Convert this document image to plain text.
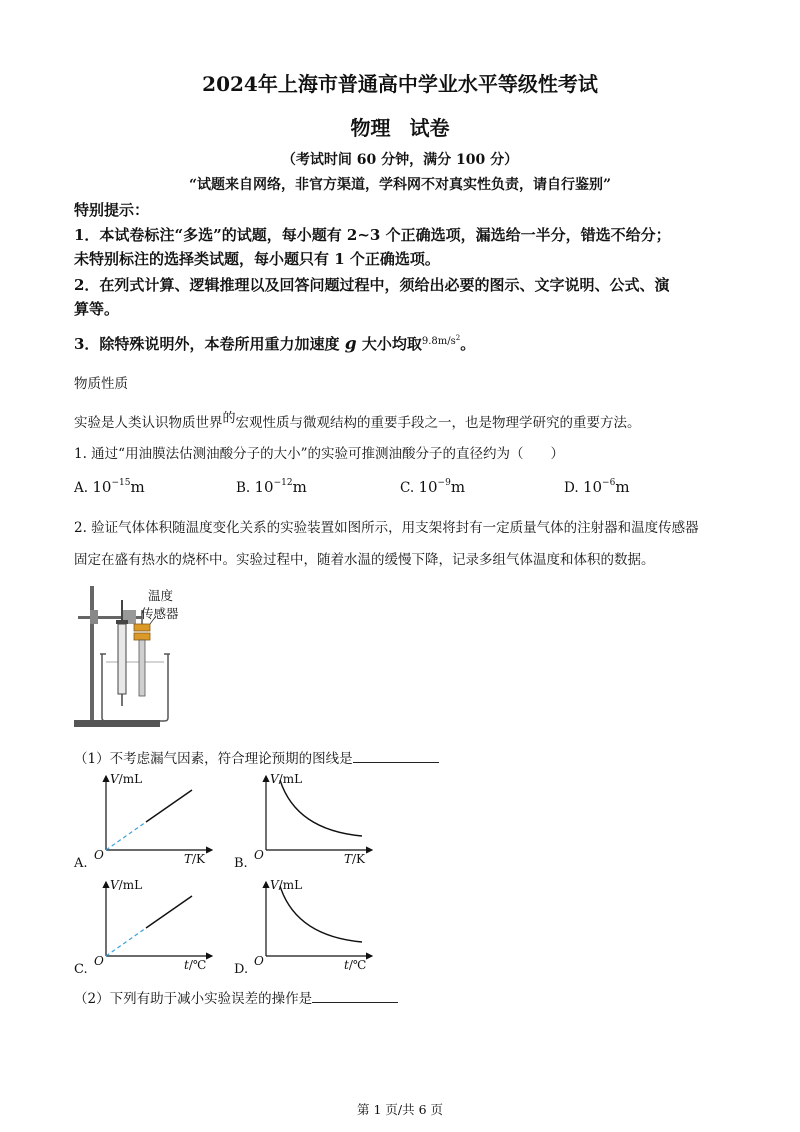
2024年上海市普通高中学业水平等级性考试
物理 试卷
（考试时间 60 分钟，满分 100 分）
“试题来自网络，非官方渠道，学科网不对真实性负责，请自行鉴别”
特别提示：
1．本试卷标注“多选”的试题，每小题有 2~3 个正确选项，漏选给一半分，错选不给分；
未特别标注的选择类试题，每小题只有 1 个正确选项。
2．在列式计算、逻辑推理以及回答问题过程中，须给出必要的图示、文字说明、公式、演
算等。
3．除特殊说明外，本卷所用重力加速度 g 大小均取$^{9.8m/s^2}$。
物质性质
实验是人类认识物质世界的宏观性质与微观结构的重要手段之一，也是物理学研究的重要方法。
1. 通过“用油膜法估测油酸分子的大小”的实验可推测油酸分子的直径约为（　　）
A. $10^{-15}m$	B. $10^{-12}m$	C. $10^{-9}m$	D. $10^{-6}m$
2. 验证气体体积随温度变化关系的实验装置如图所示，用支架将封有一定质量气体的注射器和温度传感器
固定在盛有热水的烧杯中。实验过程中，随着水温的缓慢下降，记录多组气体温度和体积的数据。
温度
传感器
（1）不考虑漏气因素，符合理论预期的图线是
V/mL
T/K
O
A.
V/mL
T/K
O
B.
V/mL
t/℃
O
C.
V/mL
t/℃
O
D.
（2）下列有助于减小实验误差的操作是
第 1 页/共 6 页
